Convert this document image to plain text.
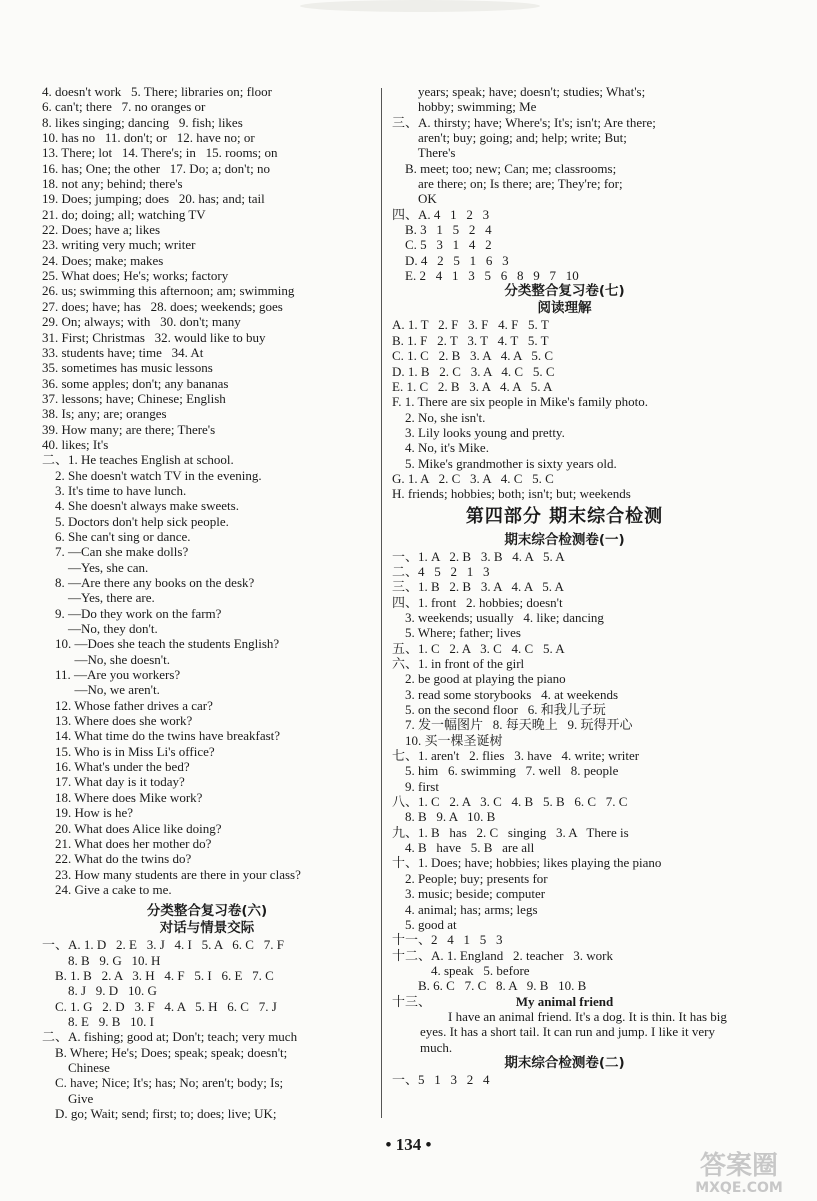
4. doesn't work   5. There; libraries on; floor
6. can't; there   7. no oranges or
8. likes singing; dancing   9. fish; likes
10. has no   11. don't; or   12. have no; or
13. There; lot   14. There's; in   15. rooms; on
16. has; One; the other   17. Do; a; don't; no
18. not any; behind; there's
19. Does; jumping; does   20. has; and; tail
21. do; doing; all; watching TV
22. Does; have a; likes
23. writing very much; writer
24. Does; make; makes
25. What does; He's; works; factory
26. us; swimming this afternoon; am; swimming
27. does; have; has   28. does; weekends; goes
29. On; always; with   30. don't; many
31. First; Christmas   32. would like to buy
33. students have; time   34. At
35. sometimes has music lessons
36. some apples; don't; any bananas
37. lessons; have; Chinese; English
38. Is; any; are; oranges
39. How many; are there; There's
40. likes; It's
二、1. He teaches English at school.
2. She doesn't watch TV in the evening.
3. It's time to have lunch.
4. She doesn't always make sweets.
5. Doctors don't help sick people.
6. She can't sing or dance.
7. —Can she make dolls?
—Yes, she can.
8. —Are there any books on the desk?
—Yes, there are.
9. —Do they work on the farm?
—No, they don't.
10. —Does she teach the students English?
—No, she doesn't.
11. —Are you workers?
—No, we aren't.
12. Whose father drives a car?
13. Where does she work?
14. What time do the twins have breakfast?
15. Who is in Miss Li's office?
16. What's under the bed?
17. What day is it today?
18. Where does Mike work?
19. How is he?
20. What does Alice like doing?
21. What does her mother do?
22. What do the twins do?
23. How many students are there in your class?
24. Give a cake to me.
分类整合复习卷(六)
对话与情景交际
一、A. 1. D   2. E   3. J   4. I   5. A   6. C   7. F
8. B   9. G   10. H
B. 1. B   2. A   3. H   4. F   5. I   6. E   7. C
8. J   9. D   10. G
C. 1. G   2. D   3. F   4. A   5. H   6. C   7. J
8. E   9. B   10. I
二、A. fishing; good at; Don't; teach; very much
B. Where; He's; Does; speak; speak; doesn't;
Chinese
C. have; Nice; It's; has; No; aren't; body; Is;
Give
D. go; Wait; send; first; to; does; live; UK;
years; speak; have; doesn't; studies; What's;
hobby; swimming; Me
三、A. thirsty; have; Where's; It's; isn't; Are there;
aren't; buy; going; and; help; write; But;
There's
B. meet; too; new; Can; me; classrooms;
are there; on; Is there; are; They're; for;
OK
四、A. 4   1   2   3
B. 3   1   5   2   4
C. 5   3   1   4   2
D. 4   2   5   1   6   3
E. 2   4   1   3   5   6   8   9   7   10
分类整合复习卷(七)
阅读理解
A. 1. T   2. F   3. F   4. F   5. T
B. 1. F   2. T   3. T   4. T   5. T
C. 1. C   2. B   3. A   4. A   5. C
D. 1. B   2. C   3. A   4. C   5. C
E. 1. C   2. B   3. A   4. A   5. A
F. 1. There are six people in Mike's family photo.
2. No, she isn't.
3. Lily looks young and pretty.
4. No, it's Mike.
5. Mike's grandmother is sixty years old.
G. 1. A   2. C   3. A   4. C   5. C
H. friends; hobbies; both; isn't; but; weekends
第四部分 期末综合检测
期末综合检测卷(一)
一、1. A   2. B   3. B   4. A   5. A
二、4   5   2   1   3
三、1. B   2. B   3. A   4. A   5. A
四、1. front   2. hobbies; doesn't
3. weekends; usually   4. like; dancing
5. Where; father; lives
五、1. C   2. A   3. C   4. C   5. A
六、1. in front of the girl
2. be good at playing the piano
3. read some storybooks   4. at weekends
5. on the second floor   6. 和我儿子玩
7. 发一幅图片   8. 每天晚上   9. 玩得开心
10. 买一棵圣诞树
七、1. aren't   2. flies   3. have   4. write; writer
5. him   6. swimming   7. well   8. people
9. first
八、1. C   2. A   3. C   4. B   5. B   6. C   7. C
8. B   9. A   10. B
九、1. B   has   2. C   singing   3. A   There is
4. B   have   5. B   are all
十、1. Does; have; hobbies; likes playing the piano
2. People; buy; presents for
3. music; beside; computer
4. animal; has; arms; legs
5. good at
十一、2   4   1   5   3
十二、A. 1. England   2. teacher   3. work
4. speak   5. before
B. 6. C   7. C   8. A   9. B   10. B
十三、	My animal friend
I have an animal friend. It's a dog. It is thin. It has big eyes. It has a short tail. It can run and jump. I like it very much.
期末综合检测卷(二)
一、5   1   3   2   4
• 134 •
答案圈
MXQE.COM
